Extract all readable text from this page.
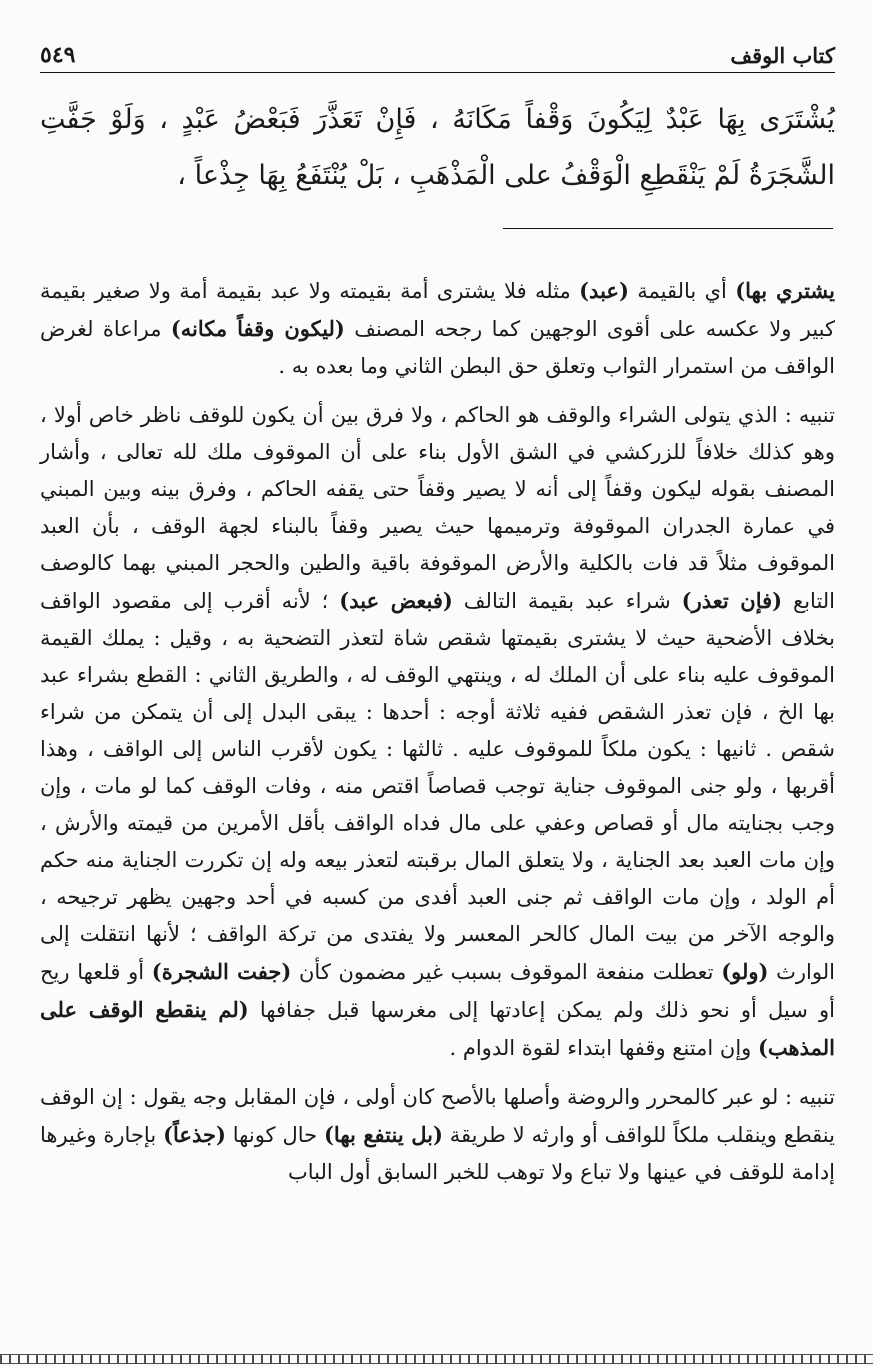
كتاب الوقف
٥٤٩
يُشْتَرَى بِهَا عَبْدٌ لِيَكُونَ وَقْفاً مَكَانَهُ ، فَإِنْ تَعَذَّرَ فَبَعْضُ عَبْدٍ ، وَلَوْ جَفَّتِ الشَّجَرَةُ لَمْ يَنْقَطِعِ الْوَقْفُ على الْمَذْهَبِ ، بَلْ يُنْتَفَعُ بِهَا جِذْعاً ،

يشتري بها) أي بالقيمة (عبد) مثله فلا يشترى أمة بقيمته ولا عبد بقيمة أمة ولا صغير بقيمة كبير ولا عكسه على أقوى الوجهين كما رجحه المصنف (ليكون وقفاً مكانه) مراعاة لغرض الواقف من استمرار الثواب وتعلق حق البطن الثاني وما بعده به .

تنبيه : الذي يتولى الشراء والوقف هو الحاكم ، ولا فرق بين أن يكون للوقف ناظر خاص أولا ، وهو كذلك خلافاً للزركشي في الشق الأول بناء على أن الموقوف ملك لله تعالى ، وأشار المصنف بقوله ليكون وقفاً إلى أنه لا يصير وقفاً حتى يقفه الحاكم ، وفرق بينه وبين المبني في عمارة الجدران الموقوفة وترميمها حيث يصير وقفاً بالبناء لجهة الوقف ، بأن العبد الموقوف مثلاً قد فات بالكلية والأرض الموقوفة باقية والطين والحجر المبني بهما كالوصف التابع (فإن تعذر) شراء عبد بقيمة التالف (فبعض عبد) ؛ لأنه أقرب إلى مقصود الواقف بخلاف الأضحية حيث لا يشترى بقيمتها شقص شاة لتعذر التضحية به ، وقيل : يملك القيمة الموقوف عليه بناء على أن الملك له ، وينتهي الوقف له ، والطريق الثاني : القطع بشراء عبد بها الخ ، فإن تعذر الشقص ففيه ثلاثة أوجه : أحدها : يبقى البدل إلى أن يتمكن من شراء شقص . ثانيها : يكون ملكاً للموقوف عليه . ثالثها : يكون لأقرب الناس إلى الواقف ، وهذا أقربها ، ولو جنى الموقوف جناية توجب قصاصاً اقتص منه ، وفات الوقف كما لو مات ، وإن وجب بجنايته مال أو قصاص وعفي على مال فداه الواقف بأقل الأمرين من قيمته والأرش ، وإن مات العبد بعد الجناية ، ولا يتعلق المال برقبته لتعذر بيعه وله إن تكررت الجناية منه حكم أم الولد ، وإن مات الواقف ثم جنى العبد أفدى من كسبه في أحد وجهين يظهر ترجيحه ، والوجه الآخر من بيت المال كالحر المعسر ولا يفتدى من تركة الواقف ؛ لأنها انتقلت إلى الوارث (ولو) تعطلت منفعة الموقوف بسبب غير مضمون كأن (جفت الشجرة) أو قلعها ريح أو سيل أو نحو ذلك ولم يمكن إعادتها إلى مغرسها قبل جفافها (لم ينقطع الوقف على المذهب) وإن امتنع وقفها ابتداء لقوة الدوام .

تنبيه : لو عبر كالمحرر والروضة وأصلها بالأصح كان أولى ، فإن المقابل وجه يقول : إن الوقف ينقطع وينقلب ملكاً للواقف أو وارثه لا طريقة (بل ينتفع بها) حال كونها (جذعاً) بإجارة وغيرها إدامة للوقف في عينها ولا تباع ولا توهب للخبر السابق أول الباب
